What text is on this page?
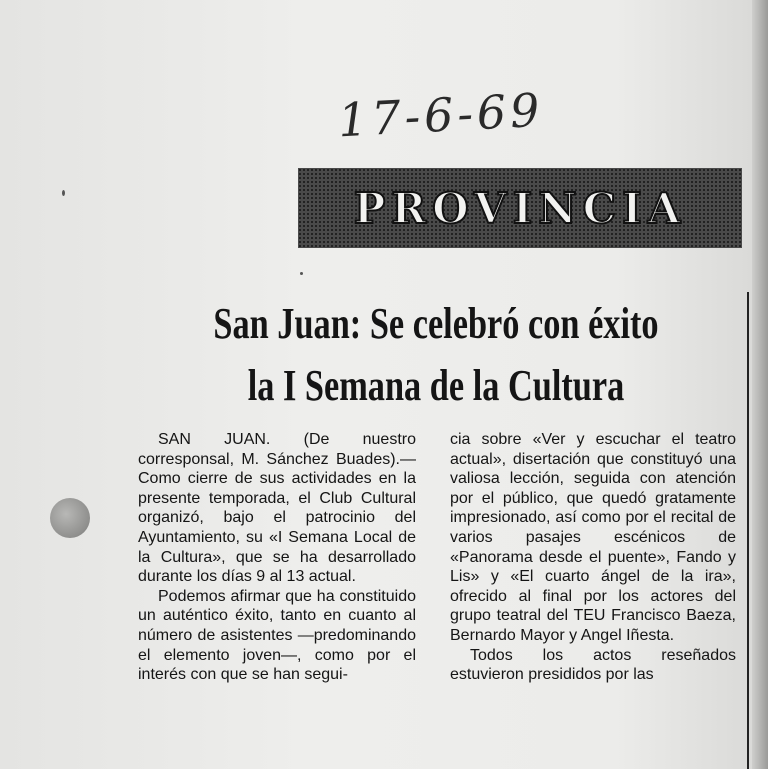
17-6-69
PROVINCIA
San Juan: Se celebró con éxito
la I Semana de la Cultura

SAN JUAN. (De nuestro corresponsal, M. Sánchez Buades).—Como cierre de sus actividades en la presente temporada, el Club Cultural organizó, bajo el patrocinio del Ayuntamiento, su «I Semana Local de la Cultura», que se ha desarrollado durante los días 9 al 13 actual.

Podemos afirmar que ha constituido un auténtico éxito, tanto en cuanto al número de asistentes —predominando el elemento joven—, como por el interés con que se han segui-

cia sobre «Ver y escuchar el teatro actual», disertación que constituyó una valiosa lección, seguida con atención por el público, que quedó gratamente impresionado, así como por el recital de varios pasajes escénicos de «Panorama desde el puente», Fando y Lis» y «El cuarto ángel de la ira», ofrecido al final por los actores del grupo teatral del TEU Francisco Baeza, Bernardo Mayor y Angel Iñesta.

Todos los actos reseñados estuvieron presididos por las
